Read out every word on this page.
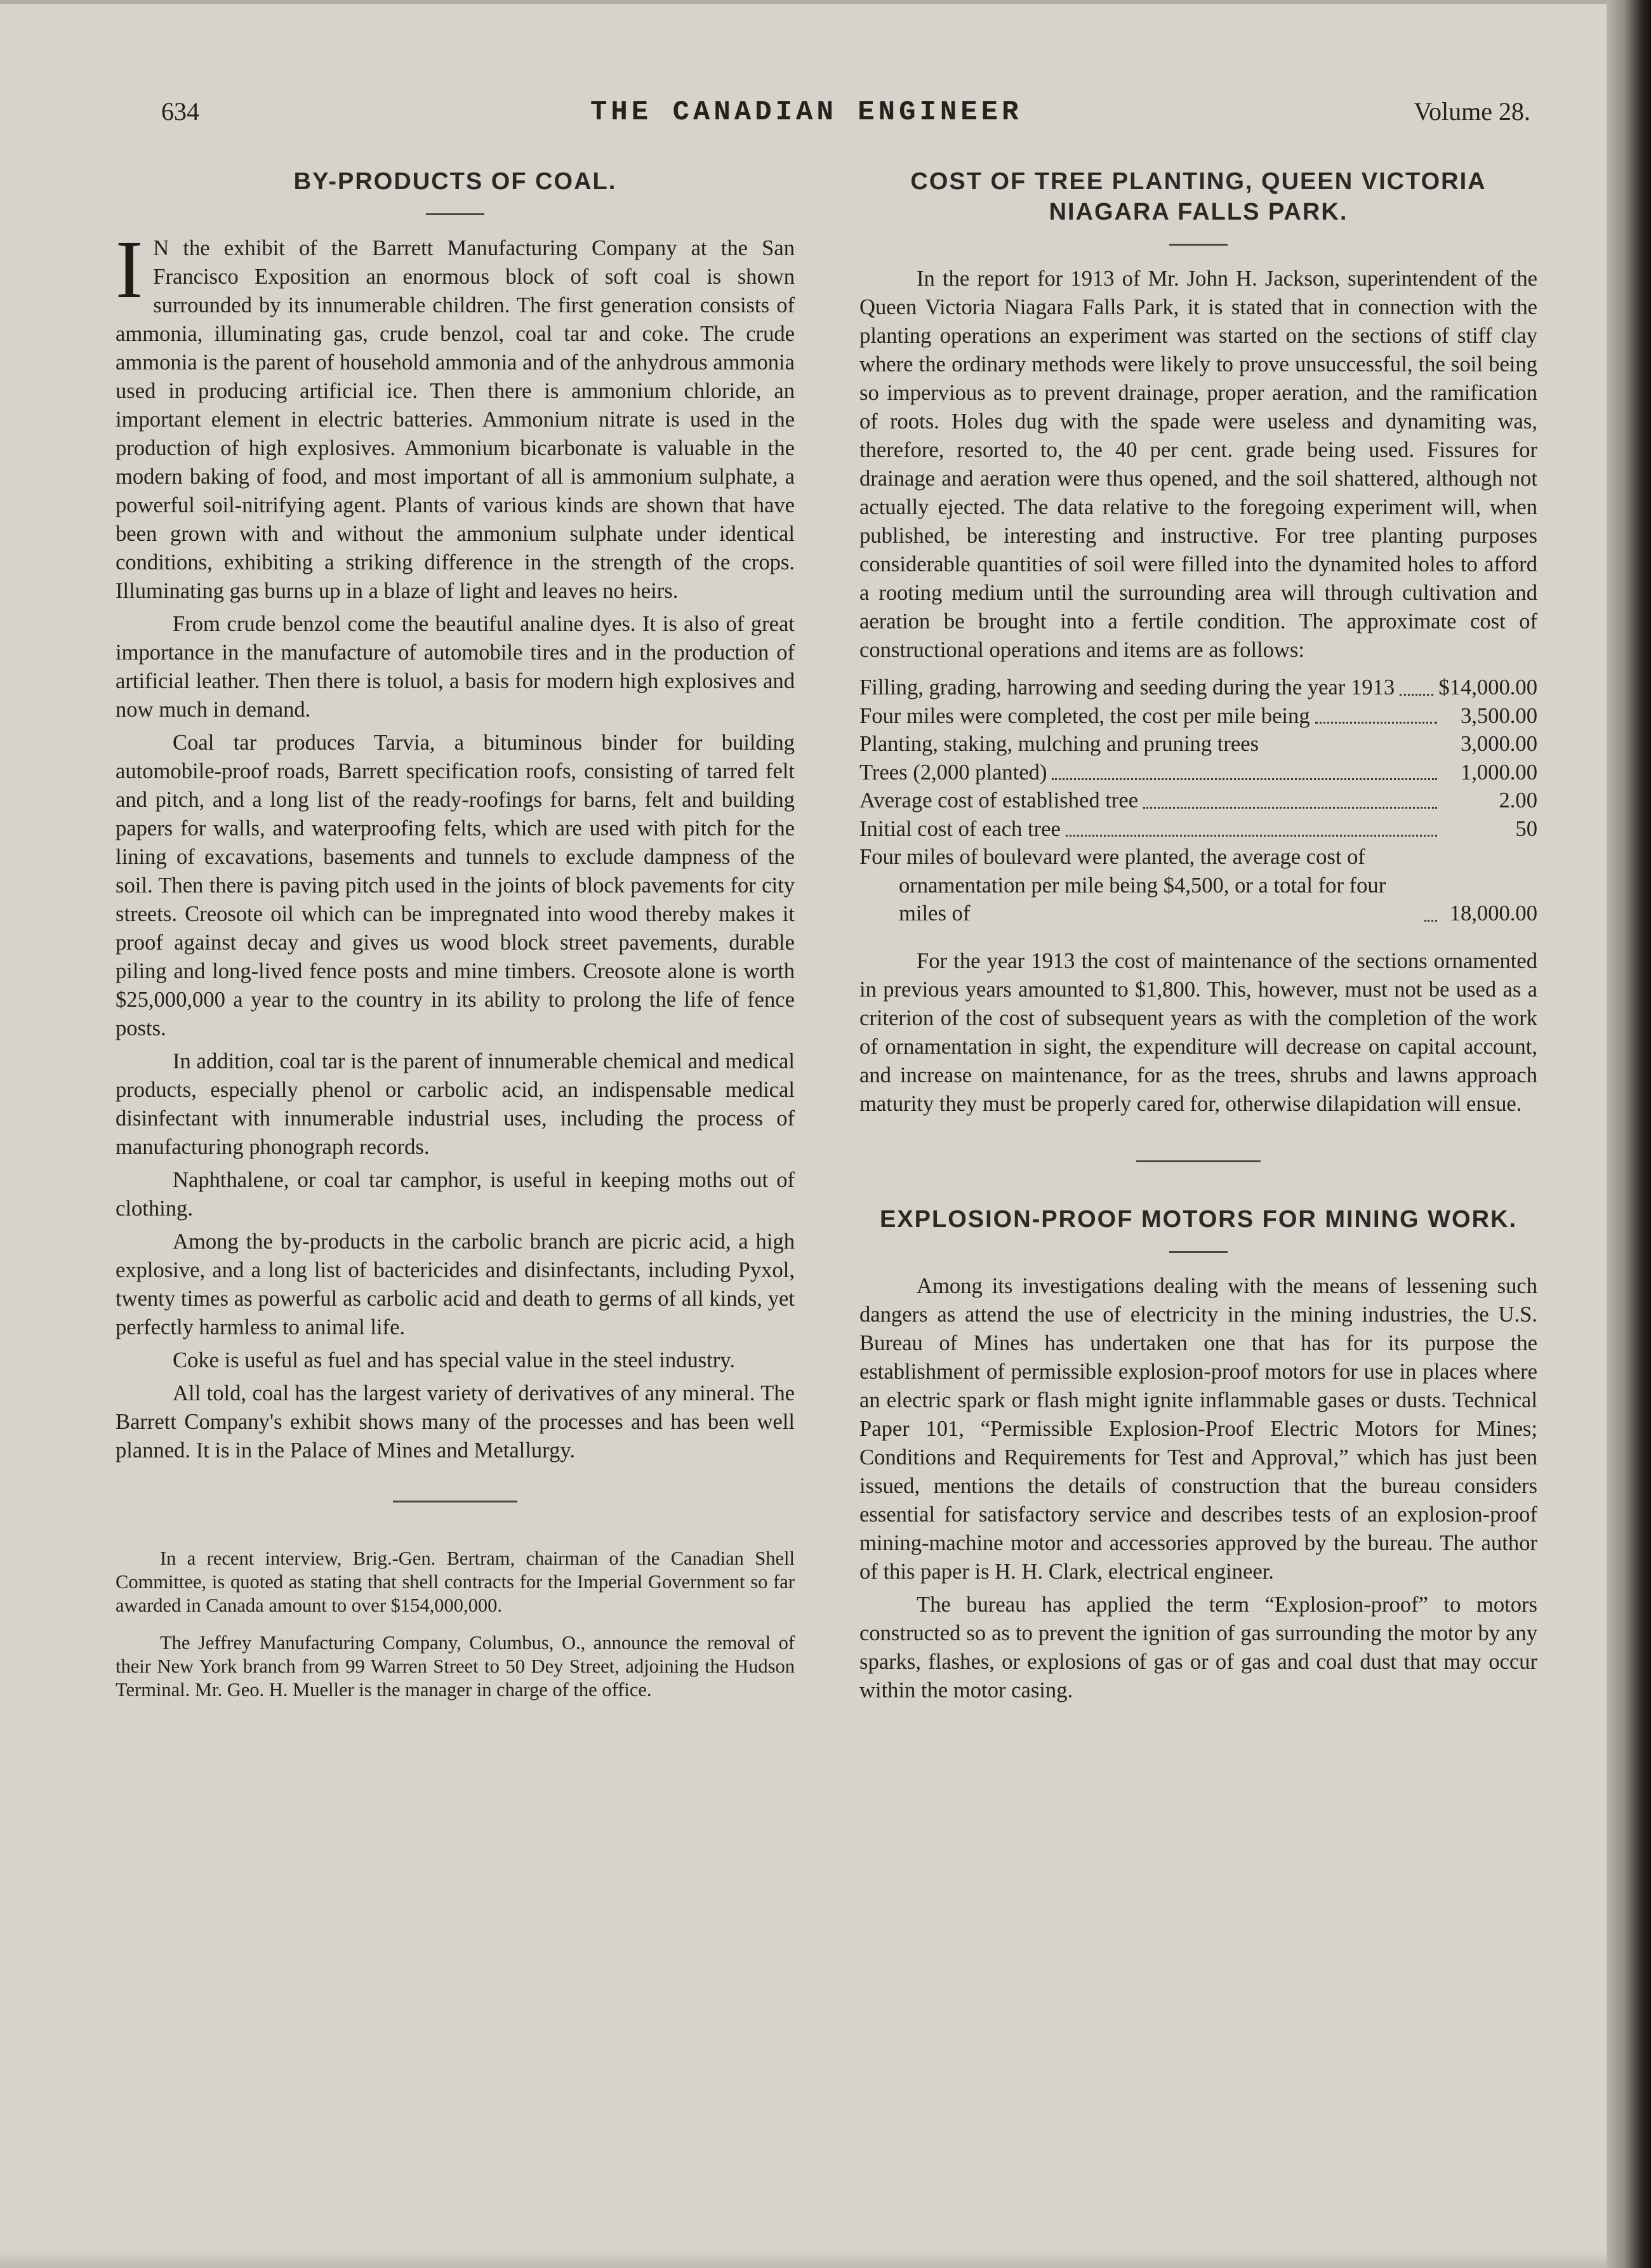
634	THE CANADIAN ENGINEER	Volume 28.
BY-PRODUCTS OF COAL.

I N the exhibit of the Barrett Manufacturing Company at the San Francisco Exposition an enormous block of soft coal is shown surrounded by its innumerable children. The first generation consists of ammonia, illuminating gas, crude benzol, coal tar and coke. The crude ammonia is the parent of household ammonia and of the anhydrous ammonia used in producing artificial ice. Then there is ammonium chloride, an important element in electric batteries. Ammonium nitrate is used in the production of high explosives. Ammonium bicarbonate is valuable in the modern baking of food, and most important of all is ammonium sulphate, a powerful soil-nitrifying agent. Plants of various kinds are shown that have been grown with and without the ammonium sulphate under identical conditions, exhibiting a striking difference in the strength of the crops. Illuminating gas burns up in a blaze of light and leaves no heirs.

From crude benzol come the beautiful analine dyes. It is also of great importance in the manufacture of automobile tires and in the production of artificial leather. Then there is toluol, a basis for modern high explosives and now much in demand.

Coal tar produces Tarvia, a bituminous binder for building automobile-proof roads, Barrett specification roofs, consisting of tarred felt and pitch, and a long list of the ready-roofings for barns, felt and building papers for walls, and waterproofing felts, which are used with pitch for the lining of excavations, basements and tunnels to exclude dampness of the soil. Then there is paving pitch used in the joints of block pavements for city streets. Creosote oil which can be impregnated into wood thereby makes it proof against decay and gives us wood block street pavements, durable piling and long-lived fence posts and mine timbers. Creosote alone is worth $25,000,000 a year to the country in its ability to prolong the life of fence posts.

In addition, coal tar is the parent of innumerable chemical and medical products, especially phenol or carbolic acid, an indispensable medical disinfectant with innumerable industrial uses, including the process of manufacturing phonograph records.

Naphthalene, or coal tar camphor, is useful in keeping moths out of clothing.

Among the by-products in the carbolic branch are picric acid, a high explosive, and a long list of bactericides and disinfectants, including Pyxol, twenty times as powerful as carbolic acid and death to germs of all kinds, yet perfectly harmless to animal life.

Coke is useful as fuel and has special value in the steel industry.

All told, coal has the largest variety of derivatives of any mineral. The Barrett Company's exhibit shows many of the processes and has been well planned. It is in the Palace of Mines and Metallurgy.

In a recent interview, Brig.-Gen. Bertram, chairman of the Canadian Shell Committee, is quoted as stating that shell contracts for the Imperial Government so far awarded in Canada amount to over $154,000,000.

The Jeffrey Manufacturing Company, Columbus, O., announce the removal of their New York branch from 99 Warren Street to 50 Dey Street, adjoining the Hudson Terminal. Mr. Geo. H. Mueller is the manager in charge of the office.

COST OF TREE PLANTING, QUEEN VICTORIA NIAGARA FALLS PARK.

In the report for 1913 of Mr. John H. Jackson, superintendent of the Queen Victoria Niagara Falls Park, it is stated that in connection with the planting operations an experiment was started on the sections of stiff clay where the ordinary methods were likely to prove unsuccessful, the soil being so impervious as to prevent drainage, proper aeration, and the ramification of roots. Holes dug with the spade were useless and dynamiting was, therefore, resorted to, the 40 per cent. grade being used. Fissures for drainage and aeration were thus opened, and the soil shattered, although not actually ejected. The data relative to the foregoing experiment will, when published, be interesting and instructive. For tree planting purposes considerable quantities of soil were filled into the dynamited holes to afford a rooting medium until the surrounding area will through cultivation and aeration be brought into a fertile condition. The approximate cost of constructional operations and items are as follows:

Filling, grading, harrowing and seeding during the year 1913 $14,000.00
Four miles were completed, the cost per mile being	3,500.00
Planting, staking, mulching and pruning trees	3,000.00
Trees (2,000 planted)	1,000.00
Average cost of established tree	2.00
Initial cost of each tree	50
Four miles of boulevard were planted, the average cost of ornamentation per mile being $4,500, or a total for four miles of	18,000.00

For the year 1913 the cost of maintenance of the sections ornamented in previous years amounted to $1,800. This, however, must not be used as a criterion of the cost of subsequent years as with the completion of the work of ornamentation in sight, the expenditure will decrease on capital account, and increase on maintenance, for as the trees, shrubs and lawns approach maturity they must be properly cared for, otherwise dilapidation will ensue.

EXPLOSION-PROOF MOTORS FOR MINING WORK.

Among its investigations dealing with the means of lessening such dangers as attend the use of electricity in the mining industries, the U.S. Bureau of Mines has undertaken one that has for its purpose the establishment of permissible explosion-proof motors for use in places where an electric spark or flash might ignite inflammable gases or dusts. Technical Paper 101, “Permissible Explosion-Proof Electric Motors for Mines; Conditions and Requirements for Test and Approval,” which has just been issued, mentions the details of construction that the bureau considers essential for satisfactory service and describes tests of an explosion-proof mining-machine motor and accessories approved by the bureau. The author of this paper is H. H. Clark, electrical engineer.

The bureau has applied the term “Explosion-proof” to motors constructed so as to prevent the ignition of gas surrounding the motor by any sparks, flashes, or explosions of gas or of gas and coal dust that may occur within the motor casing.
